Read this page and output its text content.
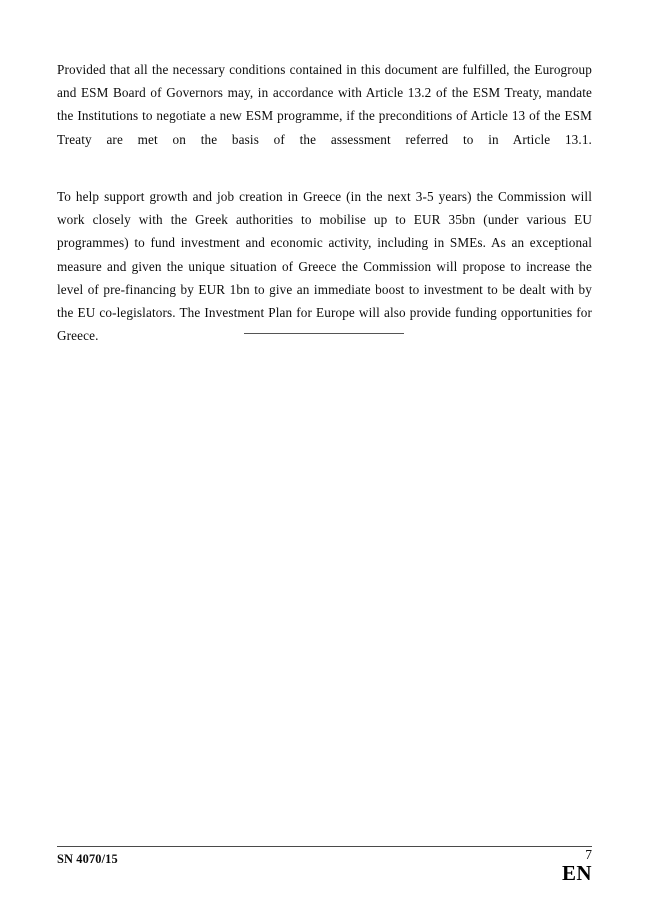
Provided that all the necessary conditions contained in this document are fulfilled, the Eurogroup and ESM Board of Governors may, in accordance with Article 13.2 of the ESM Treaty, mandate the Institutions to negotiate a new ESM programme, if the preconditions of Article 13 of the ESM Treaty are met on the basis of the assessment referred to in Article 13.1.

To help support growth and job creation in Greece (in the next 3-5 years) the Commission will work closely with the Greek authorities to mobilise up to EUR 35bn (under various EU programmes) to fund investment and economic activity, including in SMEs. As an exceptional measure and given the unique situation of Greece the Commission will propose to increase the level of pre-financing by EUR 1bn to give an immediate boost to investment to be dealt with by the EU co-legislators. The Investment Plan for Europe will also provide funding opportunities for Greece.

SN 4070/15	7
EN
